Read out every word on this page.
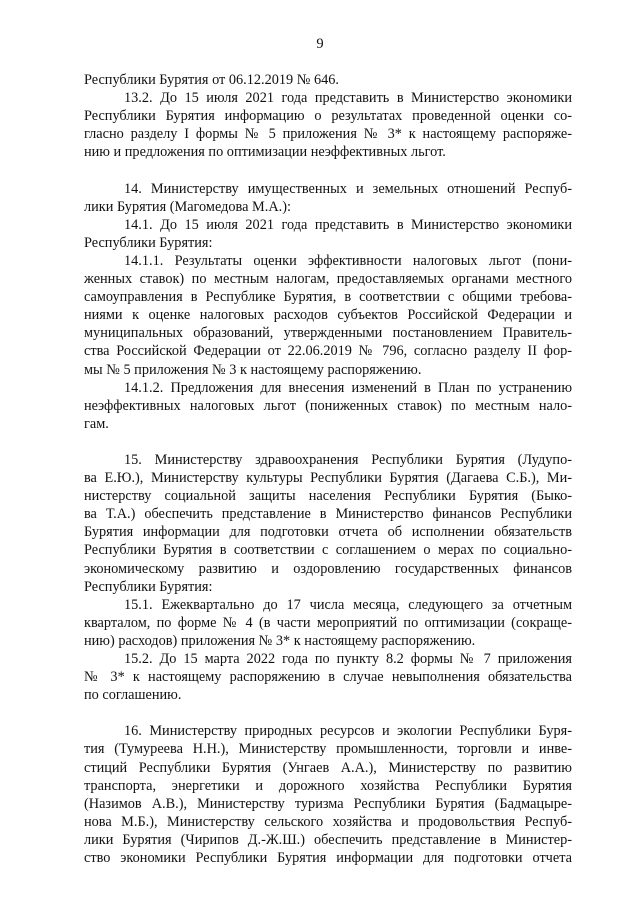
9

Республики Бурятия от 06.12.2019 № 646.

13.2. До 15 июля 2021 года представить в Министерство экономики

Республики Бурятия информацию о результатах проведенной оценки со-

гласно разделу I формы № 5 приложения № 3* к настоящему распоряже-

нию и предложения по оптимизации неэффективных льгот.

14. Министерству имущественных и земельных отношений Респуб-

лики Бурятия (Магомедова М.А.):

14.1. До 15 июля 2021 года представить в Министерство экономики

Республики Бурятия:

14.1.1. Результаты оценки эффективности налоговых льгот (пони-

женных ставок) по местным налогам, предоставляемых органами местного

самоуправления в Республике Бурятия, в соответствии с общими требова-

ниями к оценке налоговых расходов субъектов Российской Федерации и

муниципальных образований, утвержденными постановлением Правитель-

ства Российской Федерации от 22.06.2019 № 796, согласно разделу II фор-

мы № 5 приложения № 3 к настоящему распоряжению.

14.1.2. Предложения для внесения изменений в План по устранению

неэффективных налоговых льгот (пониженных ставок) по местным нало-

гам.

15. Министерству здравоохранения Республики Бурятия (Лудупо-

ва Е.Ю.), Министерству культуры Республики Бурятия (Дагаева С.Б.), Ми-

нистерству социальной защиты населения Республики Бурятия (Быко-

ва Т.А.) обеспечить представление в Министерство финансов Республики

Бурятия информации для подготовки отчета об исполнении обязательств

Республики Бурятия в соответствии с соглашением о мерах по социально-

экономическому развитию и оздоровлению государственных финансов

Республики Бурятия:

15.1. Ежеквартально до 17 числа месяца, следующего за отчетным

кварталом, по форме № 4 (в части мероприятий по оптимизации (сокраще-

нию) расходов) приложения № 3* к настоящему распоряжению.

15.2. До 15 марта 2022 года по пункту 8.2 формы № 7 приложения

№ 3* к настоящему распоряжению в случае невыполнения обязательства

по соглашению.

16. Министерству природных ресурсов и экологии Республики Буря-

тия (Тумуреева Н.Н.), Министерству промышленности, торговли и инве-

стиций Республики Бурятия (Унгаев А.А.), Министерству по развитию

транспорта, энергетики и дорожного хозяйства Республики Бурятия

(Назимов А.В.), Министерству туризма Республики Бурятия (Бадмацыре-

нова М.Б.), Министерству сельского хозяйства и продовольствия Респуб-

лики Бурятия (Чирипов Д.-Ж.Ш.) обеспечить представление в Министер-

ство экономики Республики Бурятия информации для подготовки отчета
